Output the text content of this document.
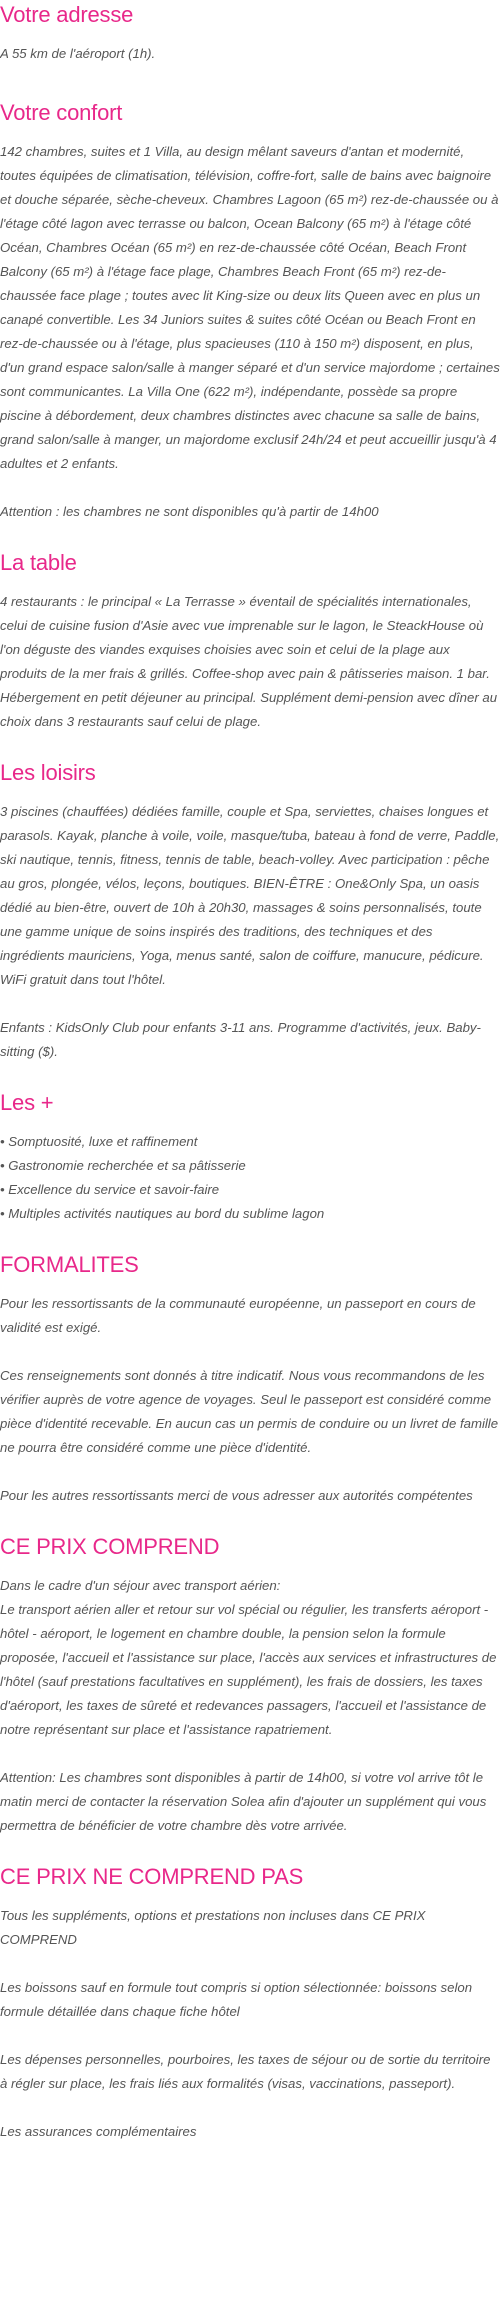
Votre adresse

A 55 km de l'aéroport (1h).

Votre confort

142 chambres, suites et 1 Villa, au design mêlant saveurs d'antan et modernité, toutes équipées de climatisation, télévision, coffre-fort, salle de bains avec baignoire et douche séparée, sèche-cheveux. Chambres Lagoon (65 m²) rez-de-chaussée ou à l'étage côté lagon avec terrasse ou balcon, Ocean Balcony (65 m²) à l'étage côté Océan, Chambres Océan (65 m²) en rez-de-chaussée côté Océan, Beach Front Balcony (65 m²) à l'étage face plage, Chambres Beach Front (65 m²) rez-de-chaussée face plage ; toutes avec lit King-size ou deux lits Queen avec en plus un canapé convertible. Les 34 Juniors suites & suites côté Océan ou Beach Front en rez-de-chaussée ou à l'étage, plus spacieuses (110 à 150 m²) disposent, en plus, d'un grand espace salon/salle à manger séparé et d'un service majordome ; certaines sont communicantes. La Villa One (622 m²), indépendante, possède sa propre piscine à débordement, deux chambres distinctes avec chacune sa salle de bains, grand salon/salle à manger, un majordome exclusif 24h/24 et peut accueillir jusqu'à 4 adultes et 2 enfants.

Attention : les chambres ne sont disponibles qu'à partir de 14h00

La table

4 restaurants : le principal « La Terrasse » éventail de spécialités internationales, celui de cuisine fusion d'Asie avec vue imprenable sur le lagon, le SteackHouse où l'on déguste des viandes exquises choisies avec soin et celui de la plage aux produits de la mer frais & grillés. Coffee-shop avec pain & pâtisseries maison. 1 bar. Hébergement en petit déjeuner au principal. Supplément demi-pension avec dîner au choix dans 3 restaurants sauf celui de plage.

Les loisirs

3 piscines (chauffées) dédiées famille, couple et Spa, serviettes, chaises longues et parasols. Kayak, planche à voile, voile, masque/tuba, bateau à fond de verre, Paddle, ski nautique, tennis, fitness, tennis de table, beach-volley. Avec participation : pêche au gros, plongée, vélos, leçons, boutiques. BIEN-ÊTRE : One&Only Spa, un oasis dédié au bien-être, ouvert de 10h à 20h30, massages & soins personnalisés, toute une gamme unique de soins inspirés des traditions, des techniques et des ingrédients mauriciens, Yoga, menus santé, salon de coiffure, manucure, pédicure. WiFi gratuit dans tout l'hôtel.

Enfants : KidsOnly Club pour enfants 3-11 ans. Programme d'activités, jeux. Baby-sitting ($).

Les +
• Somptuosité, luxe et raffinement
• Gastronomie recherchée et sa pâtisserie
• Excellence du service et savoir-faire
• Multiples activités nautiques au bord du sublime lagon
FORMALITES

Pour les ressortissants de la communauté européenne, un passeport en cours de validité est exigé.

Ces renseignements sont donnés à titre indicatif. Nous vous recommandons de les vérifier auprès de votre agence de voyages. Seul le passeport est considéré comme pièce d'identité recevable. En aucun cas un permis de conduire ou un livret de famille ne pourra être considéré comme une pièce d'identité.

Pour les autres ressortissants merci de vous adresser aux autorités compétentes

CE PRIX COMPREND

Dans le cadre d'un séjour avec transport aérien:

Le transport aérien aller et retour sur vol spécial ou régulier, les transferts aéroport - hôtel - aéroport, le logement en chambre double, la pension selon la formule proposée, l'accueil et l'assistance sur place, l'accès aux services et infrastructures de l'hôtel (sauf prestations facultatives en supplément), les frais de dossiers, les taxes d'aéroport, les taxes de sûreté et redevances passagers, l'accueil et l'assistance de notre représentant sur place et l'assistance rapatriement.

Attention: Les chambres sont disponibles à partir de 14h00, si votre vol arrive tôt le matin merci de contacter la réservation Solea afin d'ajouter un supplément qui vous permettra de bénéficier de votre chambre dès votre arrivée.

CE PRIX NE COMPREND PAS

Tous les suppléments, options et prestations non incluses dans CE PRIX COMPREND

Les boissons sauf en formule tout compris si option sélectionnée: boissons selon formule détaillée dans chaque fiche hôtel

Les dépenses personnelles, pourboires, les taxes de séjour ou de sortie du territoire à régler sur place, les frais liés aux formalités (visas, vaccinations, passeport).

Les assurances complémentaires
